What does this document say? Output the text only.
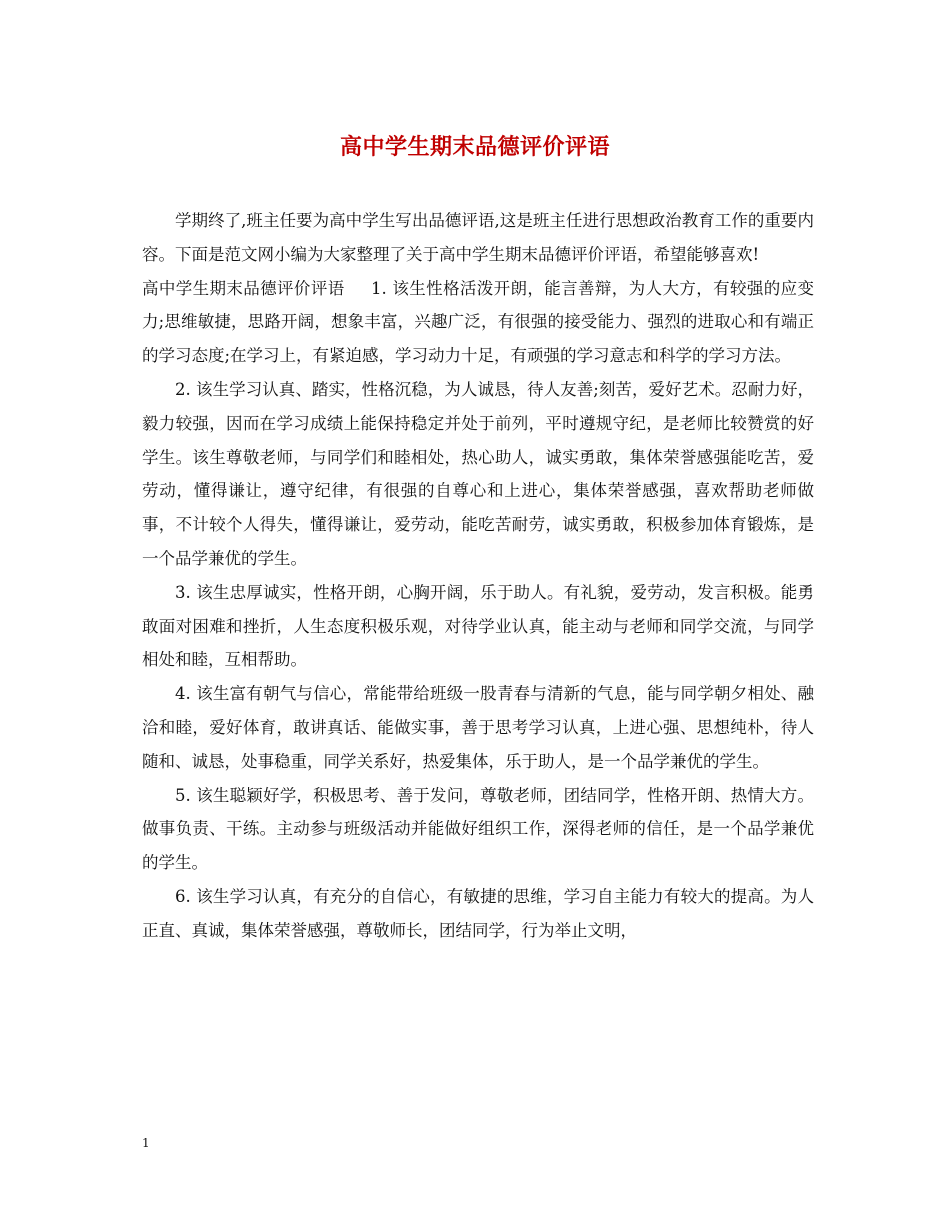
高中学生期末品德评价评语

学期终了,班主任要为高中学生写出品德评语,这是班主任进行思想政治教育工作的重要内容。下面是范文网小编为大家整理了关于高中学生期末品德评价评语，希望能够喜欢!

高中学生期末品德评价评语 1. 该生性格活泼开朗，能言善辩，为人大方，有较强的应变力;思维敏捷，思路开阔，想象丰富，兴趣广泛，有很强的接受能力、强烈的进取心和有端正的学习态度;在学习上，有紧迫感，学习动力十足，有顽强的学习意志和科学的学习方法。

2. 该生学习认真、踏实，性格沉稳，为人诚恳，待人友善;刻苦，爱好艺术。忍耐力好，毅力较强，因而在学习成绩上能保持稳定并处于前列，平时遵规守纪，是老师比较赞赏的好学生。该生尊敬老师，与同学们和睦相处，热心助人，诚实勇敢，集体荣誉感强能吃苦，爱劳动，懂得谦让，遵守纪律，有很强的自尊心和上进心，集体荣誉感强，喜欢帮助老师做事，不计较个人得失，懂得谦让，爱劳动，能吃苦耐劳，诚实勇敢，积极参加体育锻炼，是一个品学兼优的学生。

3. 该生忠厚诚实，性格开朗，心胸开阔，乐于助人。有礼貌，爱劳动，发言积极。能勇敢面对困难和挫折，人生态度积极乐观，对待学业认真，能主动与老师和同学交流，与同学相处和睦，互相帮助。

4. 该生富有朝气与信心，常能带给班级一股青春与清新的气息，能与同学朝夕相处、融洽和睦，爱好体育，敢讲真话、能做实事，善于思考学习认真，上进心强、思想纯朴，待人随和、诚恳，处事稳重，同学关系好，热爱集体，乐于助人，是一个品学兼优的学生。

5. 该生聪颖好学，积极思考、善于发问，尊敬老师，团结同学，性格开朗、热情大方。做事负责、干练。主动参与班级活动并能做好组织工作，深得老师的信任，是一个品学兼优的学生。

6. 该生学习认真，有充分的自信心，有敏捷的思维，学习自主能力有较大的提高。为人正直、真诚，集体荣誉感强，尊敬师长，团结同学，行为举止文明，

1
